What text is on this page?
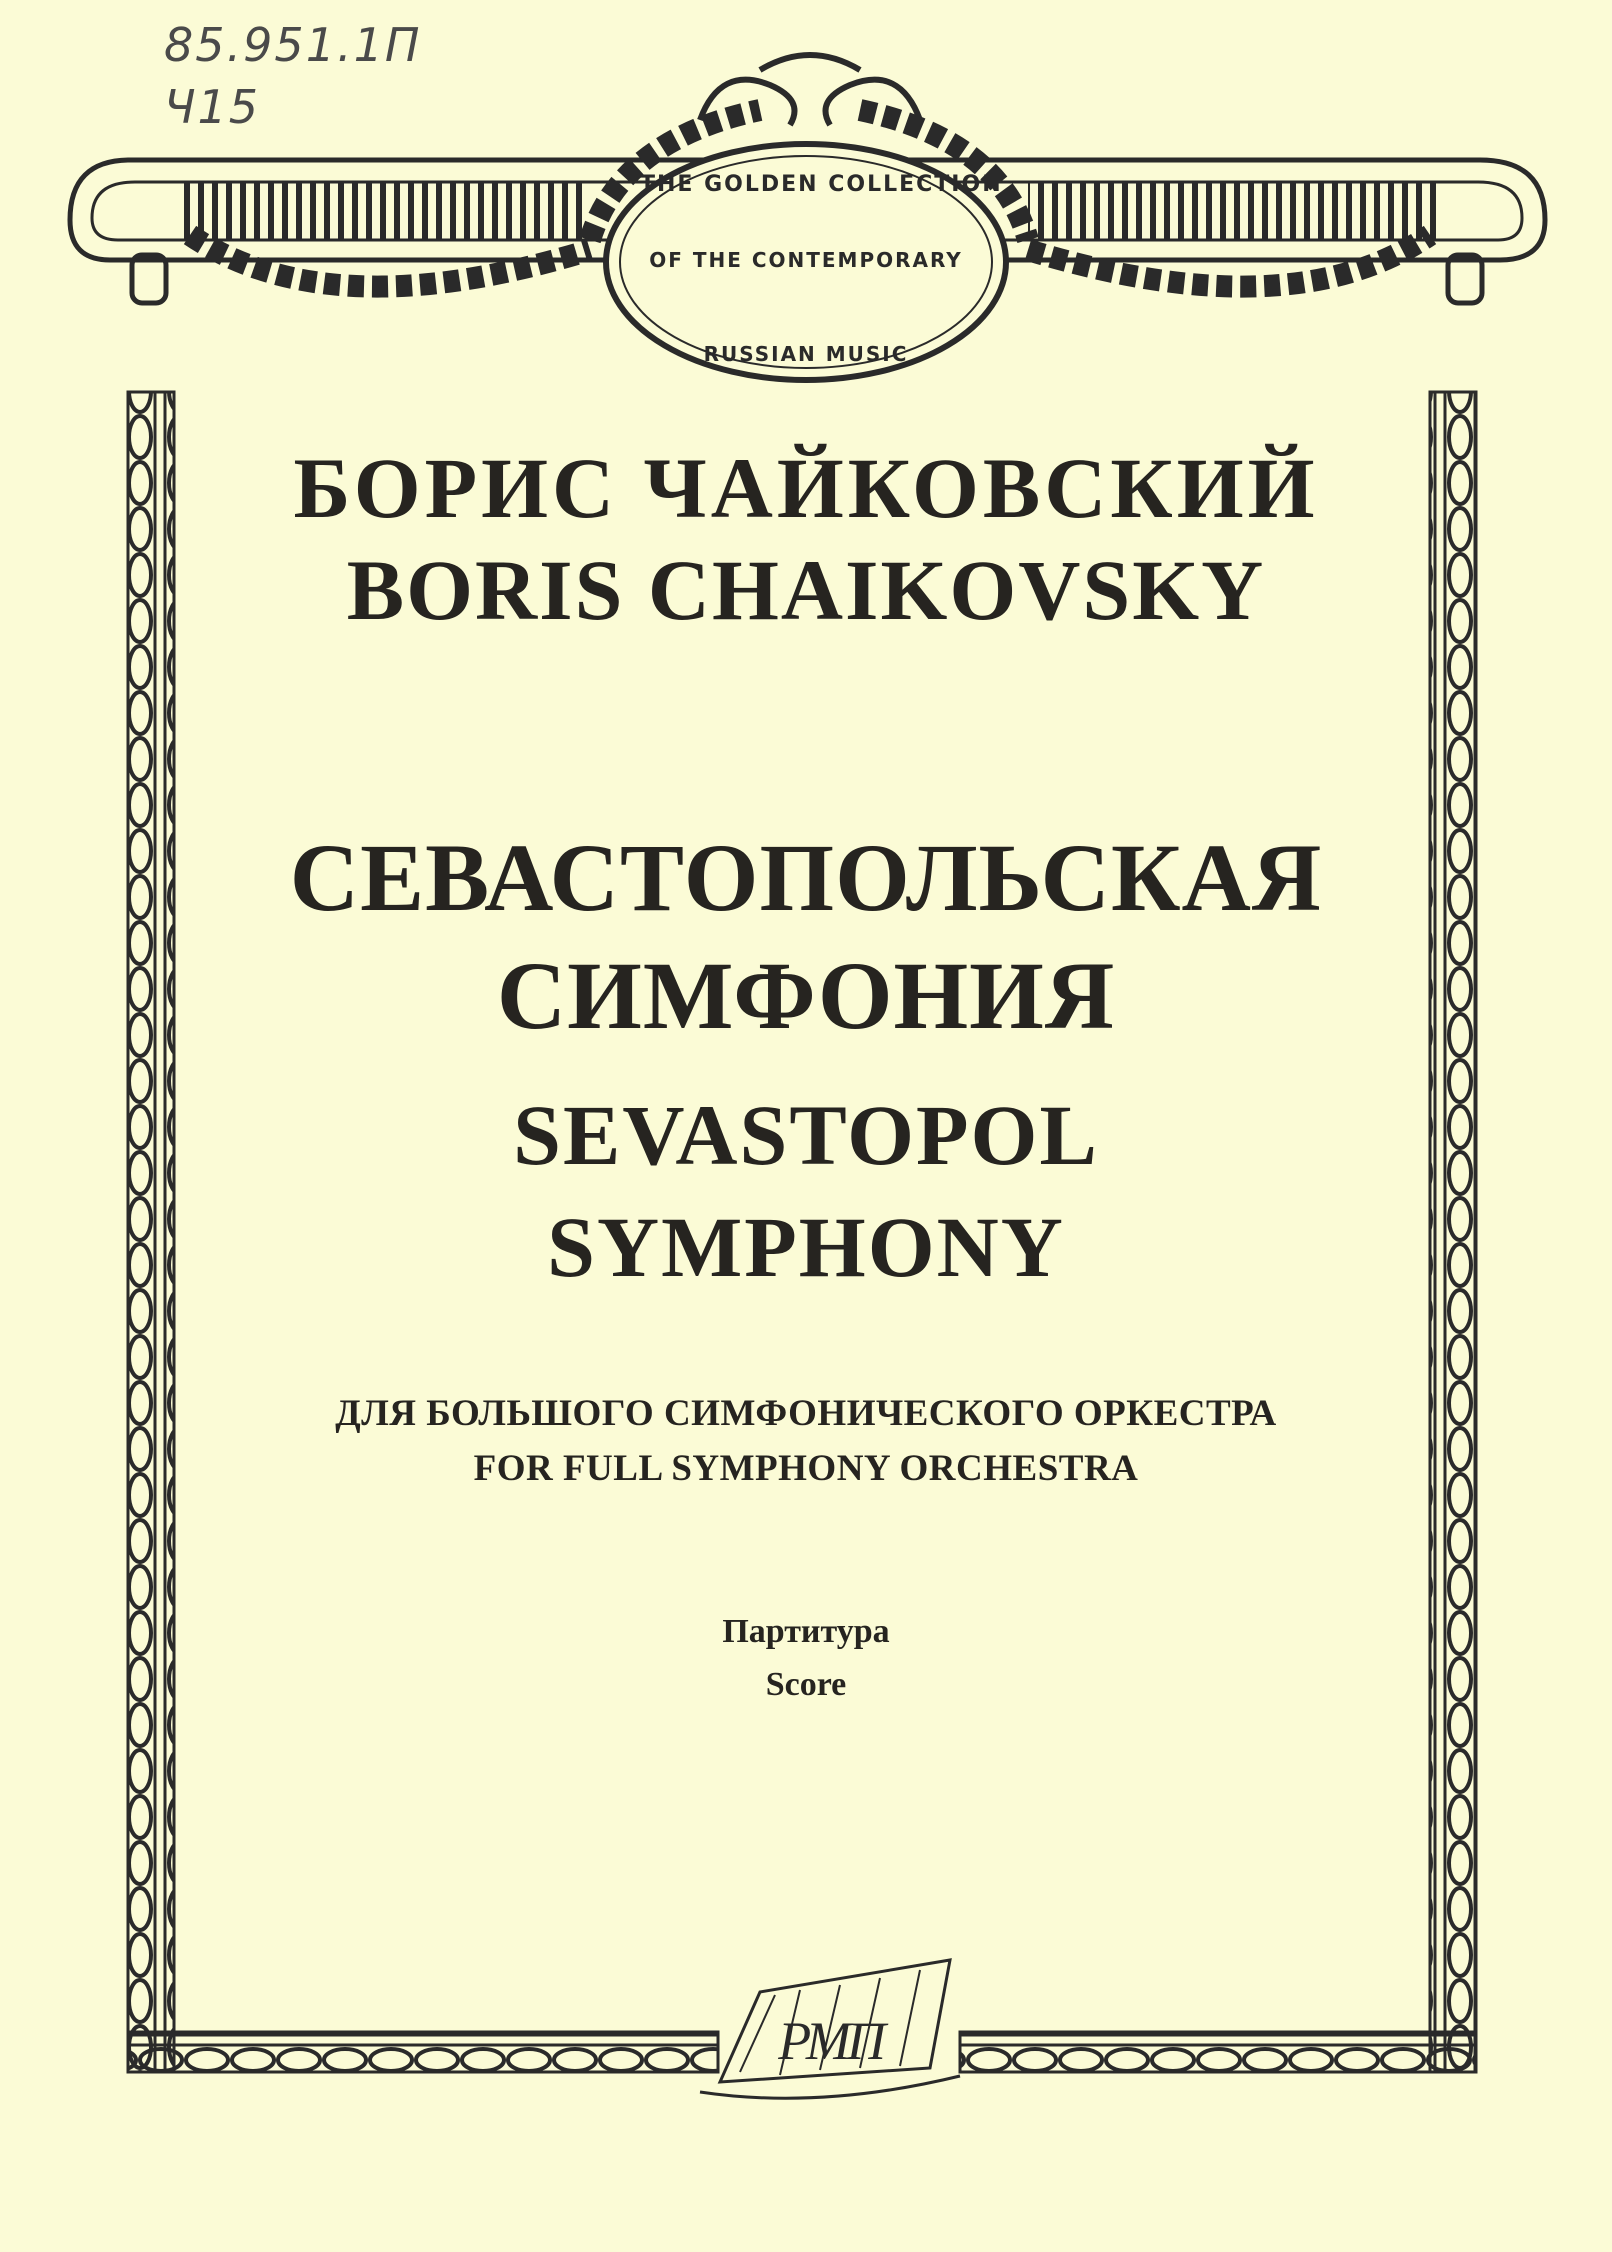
85.951.1П
Ч15
THE GOLDEN COLLECTION
OF THE CONTEMPORARY
RUSSIAN MUSIC
БОРИС ЧАЙКОВСКИЙ
BORIS CHAIKOVSKY
СЕВАСТОПОЛЬСКАЯ
СИМФОНИЯ
SEVASTOPOL
SYMPHONY
ДЛЯ БОЛЬШОГО СИМФОНИЧЕСКОГО ОРКЕСТРА
FOR FULL SYMPHONY ORCHESTRA
Партитура
Score
РМП
